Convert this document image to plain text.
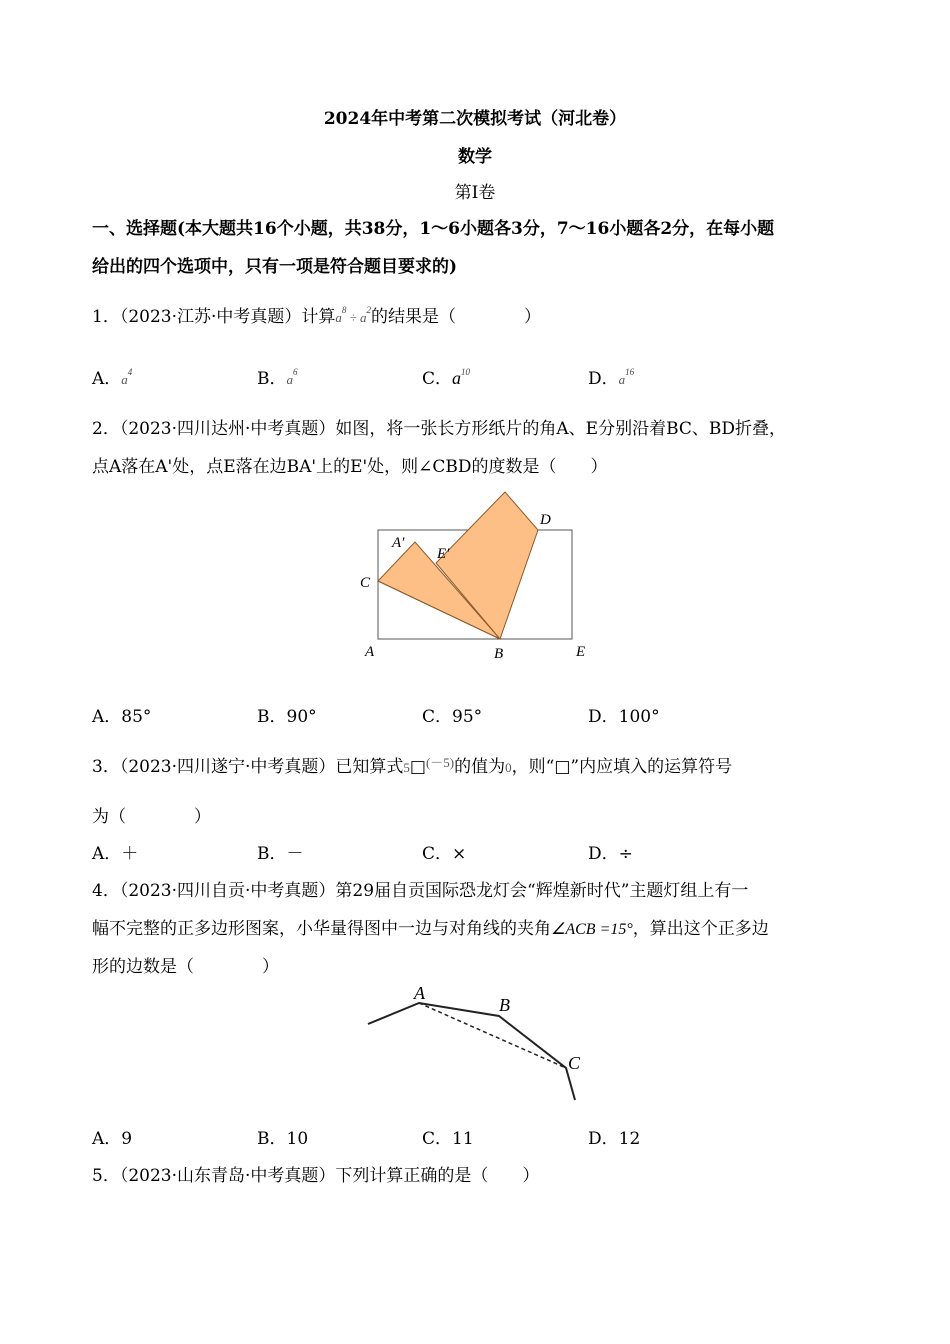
2024年中考第二次模拟考试（河北卷）
数学
第Ⅰ卷
一、选择题(本大题共16个小题，共38分，1～6小题各3分，7～16小题各2分，在每小题
给出的四个选项中，只有一项是符合题目要求的)
1．（2023·江苏·中考真题）计算$a^8 \div a^2$的结果是（　　　　）
A．$a^4$	B．$a^6$	C．$a^{10}$	D．$a^{16}$
2．（2023·四川达州·中考真题）如图，将一张长方形纸片的角A、E分别沿着BC、BD折叠，
点A落在A'处，点E落在边BA'上的E'处，则∠CBD的度数是（　　）
A′
E′
C
D
A	B	E
A．85°	B．90°	C．95°	D．100°
3．（2023·四川遂宁·中考真题）已知算式5□$^{(-5)}$的值为0，则“□”内应填入的运算符号
为（　　　　）
A．＋	B．－	C．×	D．÷
4．（2023·四川自贡·中考真题）第29届自贡国际恐龙灯会“辉煌新时代”主题灯组上有一
幅不完整的正多边形图案，小华量得图中一边与对角线的夹角∠ACB =15°，算出这个正多边
形的边数是（　　　　）
A
B
C
A．9	B．10	C．11	D．12
5．（2023·山东青岛·中考真题）下列计算正确的是（　　）
